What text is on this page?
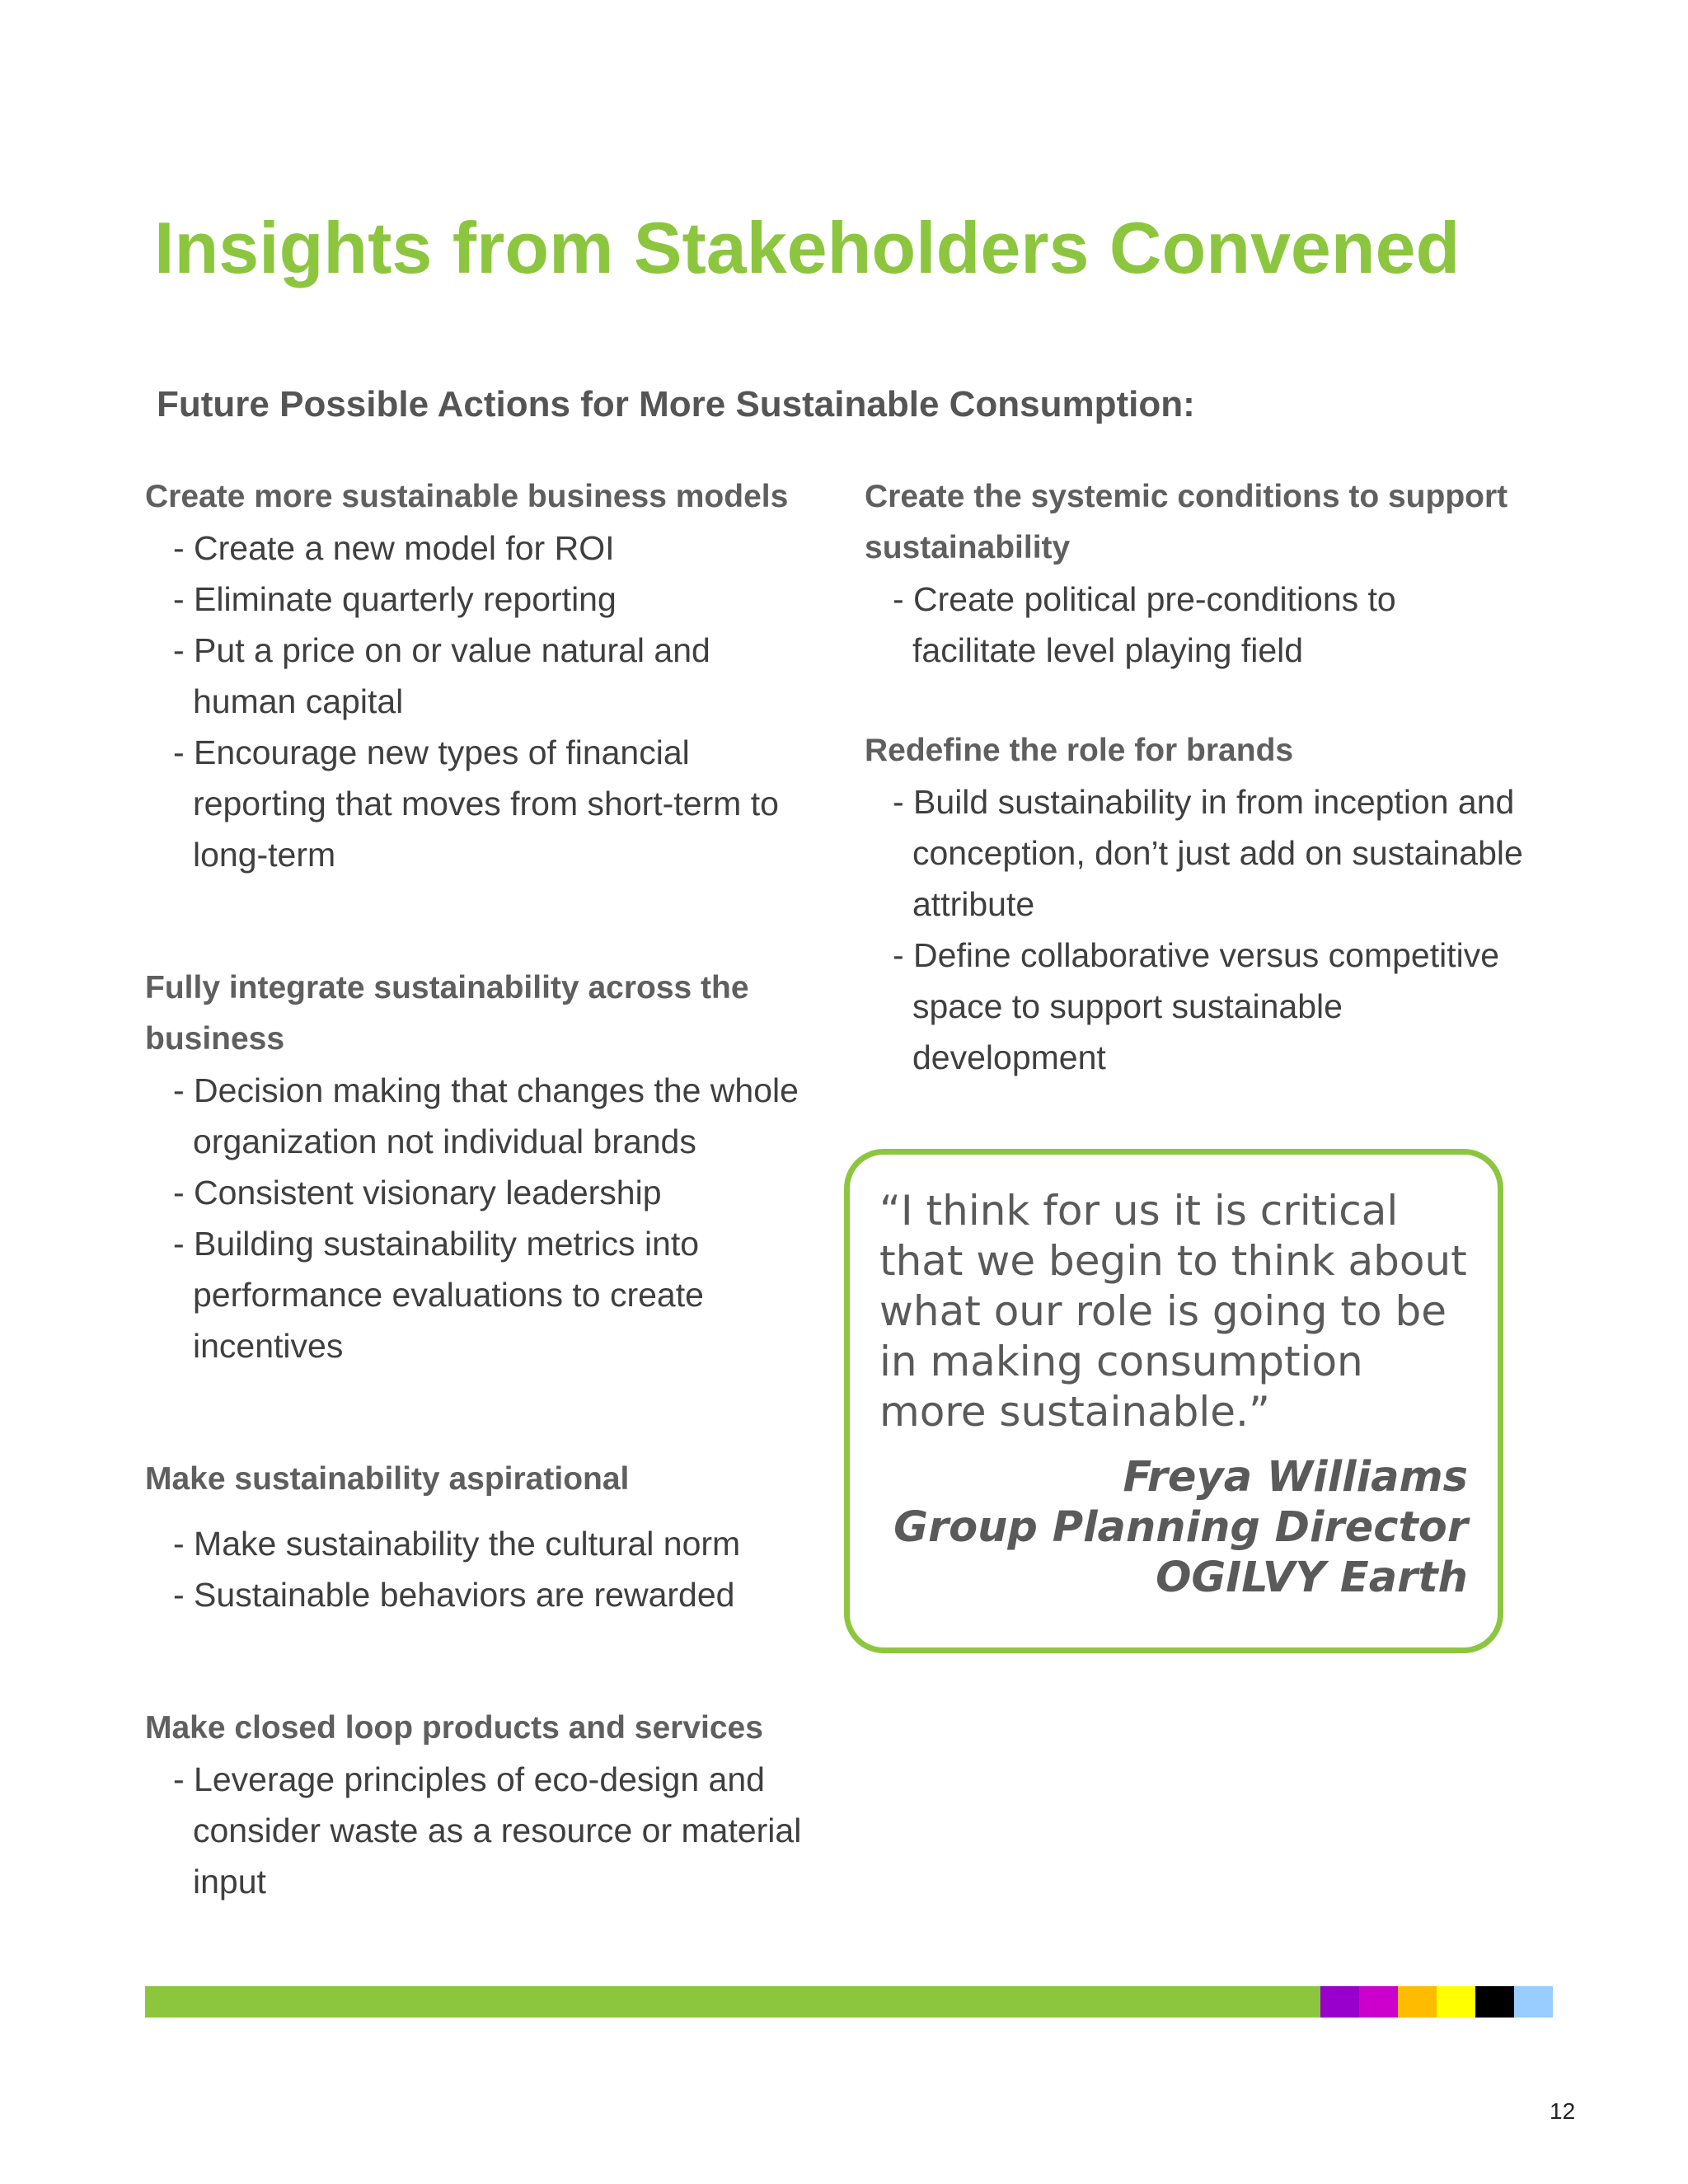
Insights from Stakeholders Convened
Future Possible Actions for More Sustainable Consumption:

Create more sustainable business models

- Create a new model for ROI
- Eliminate quarterly reporting
- Put a price on or value natural and human capital
- Encourage new types of financial reporting that moves from short-term to long-term

Fully integrate sustainability across the business

- Decision making that changes the whole organization not individual brands
- Consistent visionary leadership
- Building sustainability metrics into performance evaluations to create incentives

Make sustainability aspirational

- Make sustainability the cultural norm
- Sustainable behaviors are rewarded

Make closed loop products and services

- Leverage principles of eco-design and consider waste as a resource or material input

Create the systemic conditions to support sustainability

- Create political pre-conditions to facilitate level playing field

Redefine the role for brands

- Build sustainability in from inception and conception, don’t just add on sustainable attribute
- Define collaborative versus competitive space to support sustainable development

“I think for us it is critical that we begin to think about what our role is going to be in making consumption more sustainable.”

Freya Williams
Group Planning Director
OGILVY Earth

12
